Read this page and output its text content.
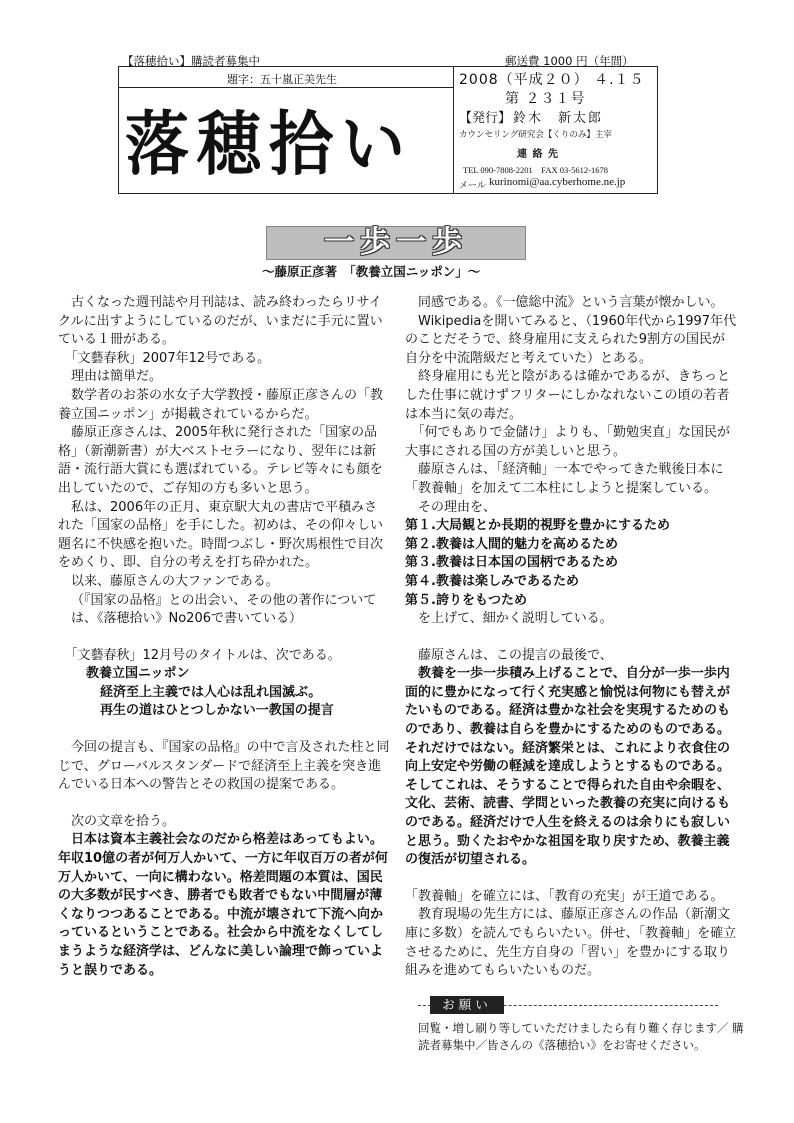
【落穂拾い】購読者募集中	郵送費 1000 円（年間）
題字：五十嵐正美先生
落穂拾い
2008（平成２０） ４.１５
第 ２３１号
【発行】 鈴木　新太郎
カウンセリング研究会【くりのみ】主宰
連 絡 先
TEL 090-7808-2201　FAX 03-5612-1678
メール kurinomi@aa.cyberhome.ne.jp
一歩一歩
～藤原正彦著　「教養立国ニッポン」～

　古くなった週刊誌や月刊誌は、読み終わったらリサイクルに出すようにしているのだが、いまだに手元に置いている１冊がある。

　「文藝春秋」2007年12号である。

　理由は簡単だ。

　数学者のお茶の水女子大学教授・藤原正彦さんの「教養立国ニッポン」が掲載されているからだ。

　藤原正彦さんは、2005年秋に発行された「国家の品格」（新潮新書）が大ベストセラーになり、翌年には新語・流行語大賞にも選ばれている。テレビ等々にも顔を出していたので、ご存知の方も多いと思う。

　私は、2006年の正月、東京駅大丸の書店で平積みされた「国家の品格」を手にした。初めは、その仰々しい題名に不快感を抱いた。時間つぶし・野次馬根性で目次をめくり、即、自分の考えを打ち砕かれた。

　以来、藤原さんの大ファンである。

（『国家の品格』との出会い、その他の著作については、《落穂拾い》No206で書いている）

　「文藝春秋」12月号のタイトルは、次である。

教養立国ニッポン

経済至上主義では人心は乱れ国滅ぶ。

再生の道はひとつしかない一教国の提言

　今回の提言も、『国家の品格』の中で言及された柱と同じで、グローバルスタンダードで経済至上主義を突き進んでいる日本への警告とその救国の提案である。

　次の文章を拾う。

　日本は資本主義社会なのだから格差はあってもよい。年収10億の者が何万人かいて、一方に年収百万の者が何万人かいて、一向に構わない。格差問題の本質は、国民の大多数が民すべき、勝者でも敗者でもない中間層が薄くなりつつあることである。中流が壊されて下流へ向かっているということである。社会から中流をなくしてしまうような経済学は、どんなに美しい論理で飾っていようと誤りである。

　同感である。《一億総中流》という言葉が懐かしい。

　Wikipediaを開いてみると、（1960年代から1997年代のことだそうで、終身雇用に支えられた9割方の国民が自分を中流階級だと考えていた）とある。

　終身雇用にも光と陰があるは確かであるが、きちっとした仕事に就けずフリターにしかなれないこの頃の若者は本当に気の毒だ。

　「何でもありで金儲け」よりも、「勤勉実直」な国民が大事にされる国の方が美しいと思う。

　藤原さんは、「経済軸」一本でやってきた戦後日本に「教養軸」を加えて二本柱にしようと提案している。

　その理由を、

第１.大局観とか長期的視野を豊かにするため

第２.教養は人間的魅力を高めるため

第３.教養は日本国の国柄であるため

第４.教養は楽しみであるため

第５.誇りをもつため

　を上げて、細かく説明している。

　藤原さんは、この提言の最後で、

　教養を一歩一歩積み上げることで、自分が一歩一歩内面的に豊かになって行く充実感と愉悦は何物にも替えがたいものである。経済は豊かな社会を実現するためのものであり、教養は自らを豊かにするためのものである。それだけではない。経済繁栄とは、これにより衣食住の向上安定や労働の軽減を達成しようとするものである。そしてこれは、そうすることで得られた自由や余暇を、文化、芸術、読書、学問といった教養の充実に向けるものである。経済だけで人生を終えるのは余りにも寂しいと思う。勁くたおやかな祖国を取り戻すため、教養主義の復活が切望される。

「教養軸」を確立には、「教育の充実」が王道である。

　教育現場の先生方には、藤原正彦さんの作品（新潮文庫に多数）を読んでもらいたい。併せ、「教養軸」を確立させるために、先生方自身の「習い」を豊かにする取り組みを進めてもらいたいものだ。

お願い
回覧・増し刷り等していただけましたら有り難く存じます／ 購読者募集中／皆さんの《落穂拾い》をお寄せください。
